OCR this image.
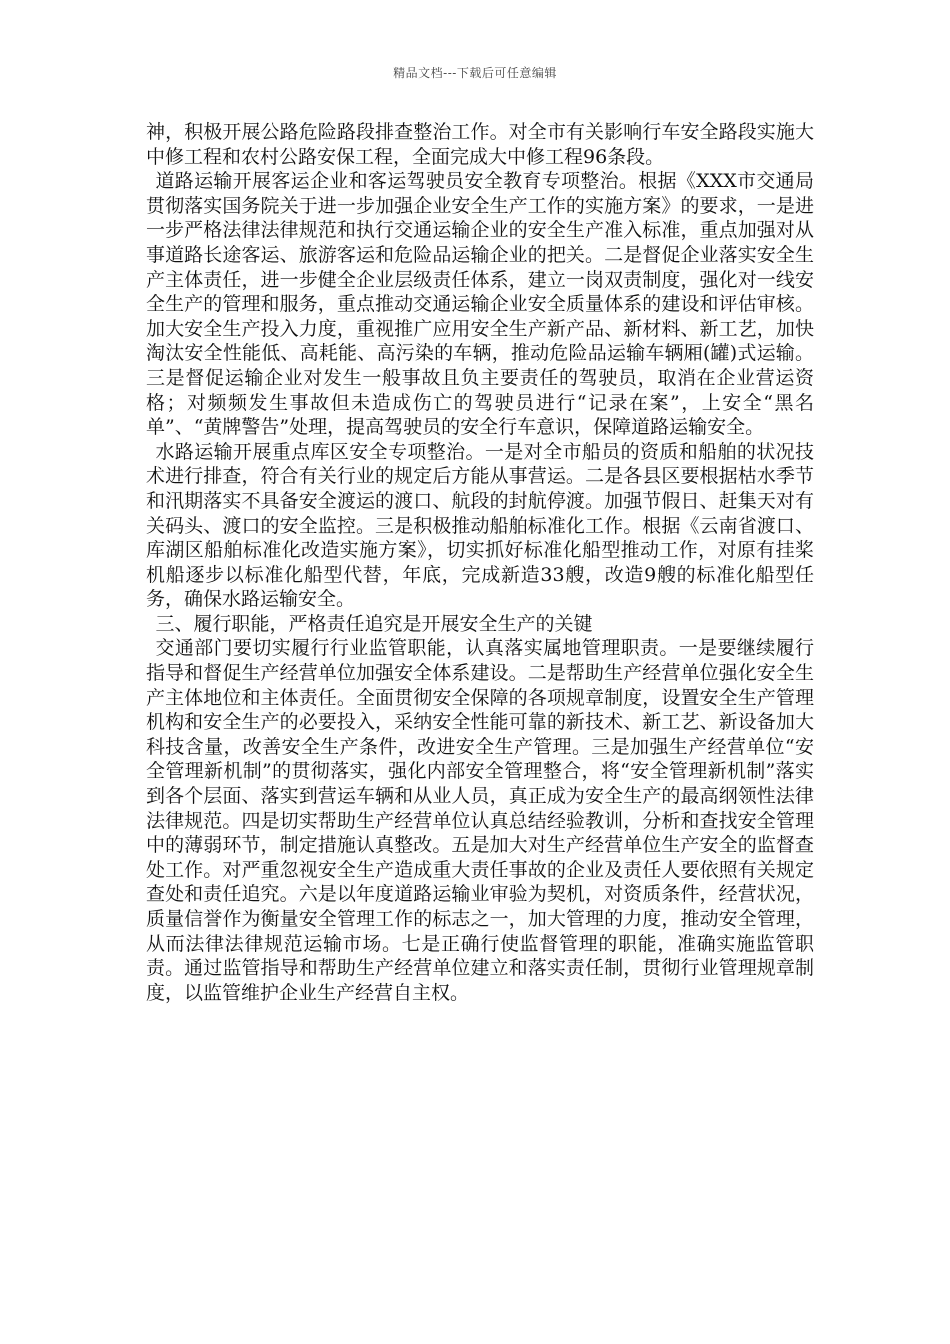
精品文档---下载后可任意编辑

神，积极开展公路危险路段排查整治工作。对全市有关影响行车安全路段实施大中修工程和农村公路安保工程，全面完成大中修工程96条段。

道路运输开展客运企业和客运驾驶员安全教育专项整治。根据《XXX市交通局贯彻落实国务院关于进一步加强企业安全生产工作的实施方案》的要求，一是进一步严格法律法律规范和执行交通运输企业的安全生产准入标准，重点加强对从事道路长途客运、旅游客运和危险品运输企业的把关。二是督促企业落实安全生产主体责任，进一步健全企业层级责任体系，建立一岗双责制度，强化对一线安全生产的管理和服务，重点推动交通运输企业安全质量体系的建设和评估审核。加大安全生产投入力度，重视推广应用安全生产新产品、新材料、新工艺，加快淘汰安全性能低、高耗能、高污染的车辆，推动危险品运输车辆厢(罐)式运输。三是督促运输企业对发生一般事故且负主要责任的驾驶员，取消在企业营运资格；对频频发生事故但未造成伤亡的驾驶员进行“记录在案”，上安全“黑名单”、“黄牌警告”处理，提高驾驶员的安全行车意识，保障道路运输安全。

水路运输开展重点库区安全专项整治。一是对全市船员的资质和船舶的状况技术进行排查，符合有关行业的规定后方能从事营运。二是各县区要根据枯水季节和汛期落实不具备安全渡运的渡口、航段的封航停渡。加强节假日、赶集天对有关码头、渡口的安全监控。三是积极推动船舶标准化工作。根据《云南省渡口、库湖区船舶标准化改造实施方案》，切实抓好标准化船型推动工作，对原有挂桨机船逐步以标准化船型代替，年底，完成新造33艘，改造9艘的标准化船型任务，确保水路运输安全。

三、履行职能，严格责任追究是开展安全生产的关键

交通部门要切实履行行业监管职能，认真落实属地管理职责。一是要继续履行指导和督促生产经营单位加强安全体系建设。二是帮助生产经营单位强化安全生产主体地位和主体责任。全面贯彻安全保障的各项规章制度，设置安全生产管理机构和安全生产的必要投入，采纳安全性能可靠的新技术、新工艺、新设备加大科技含量，改善安全生产条件，改进安全生产管理。三是加强生产经营单位“安全管理新机制”的贯彻落实，强化内部安全管理整合，将“安全管理新机制”落实到各个层面、落实到营运车辆和从业人员，真正成为安全生产的最高纲领性法律法律规范。四是切实帮助生产经营单位认真总结经验教训，分析和查找安全管理中的薄弱环节，制定措施认真整改。五是加大对生产经营单位生产安全的监督查处工作。对严重忽视安全生产造成重大责任事故的企业及责任人要依照有关规定查处和责任追究。六是以年度道路运输业审验为契机，对资质条件，经营状况，质量信誉作为衡量安全管理工作的标志之一，加大管理的力度，推动安全管理，从而法律法律规范运输市场。七是正确行使监督管理的职能，准确实施监管职责。通过监管指导和帮助生产经营单位建立和落实责任制，贯彻行业管理规章制度，以监管维护企业生产经营自主权。
